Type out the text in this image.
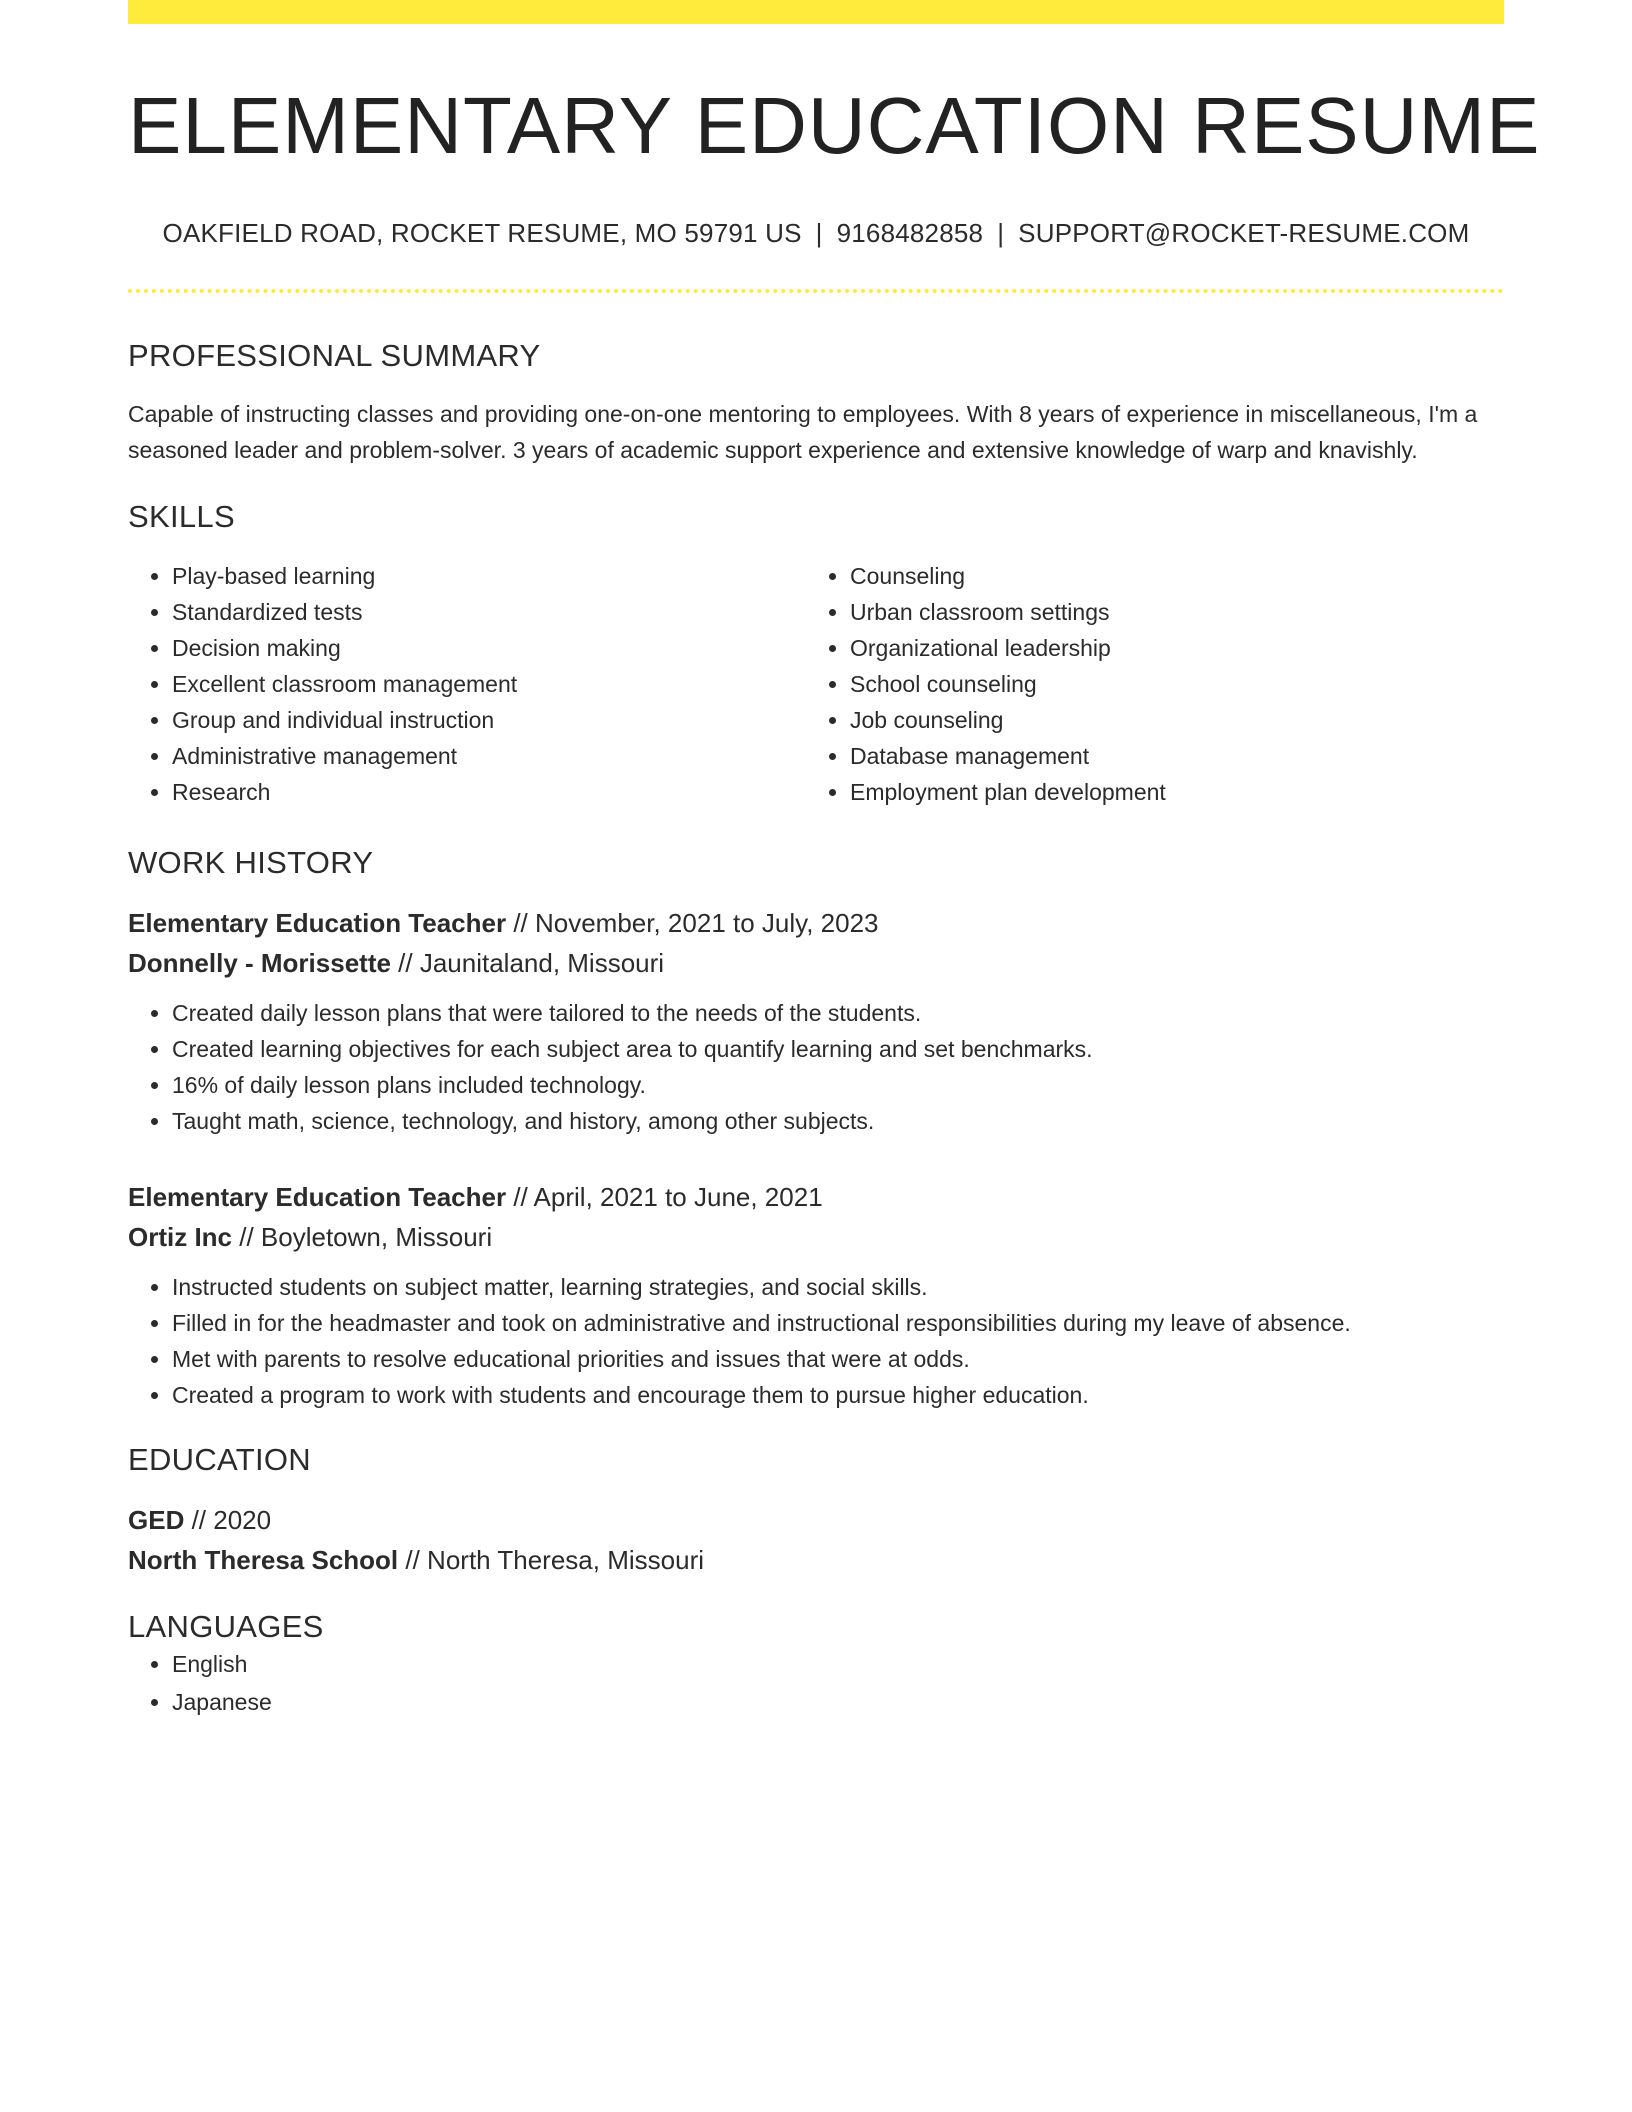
ELEMENTARY EDUCATION RESUME
OAKFIELD ROAD, ROCKET RESUME, MO 59791 US | 9168482858 | SUPPORT@ROCKET-RESUME.COM
PROFESSIONAL SUMMARY

Capable of instructing classes and providing one-on-one mentoring to employees. With 8 years of experience in miscellaneous, I'm a seasoned leader and problem-solver. 3 years of academic support experience and extensive knowledge of warp and knavishly.

SKILLS
• Play-based learning
• Standardized tests
• Decision making
• Excellent classroom management
• Group and individual instruction
• Administrative management
• Research
• Counseling
• Urban classroom settings
• Organizational leadership
• School counseling
• Job counseling
• Database management
• Employment plan development
WORK HISTORY
Elementary Education Teacher // November, 2021 to July, 2023
Donnelly - Morissette // Jaunitaland, Missouri
• Created daily lesson plans that were tailored to the needs of the students.
• Created learning objectives for each subject area to quantify learning and set benchmarks.
• 16% of daily lesson plans included technology.
• Taught math, science, technology, and history, among other subjects.
Elementary Education Teacher // April, 2021 to June, 2021
Ortiz Inc // Boyletown, Missouri
• Instructed students on subject matter, learning strategies, and social skills.
• Filled in for the headmaster and took on administrative and instructional responsibilities during my leave of absence.
• Met with parents to resolve educational priorities and issues that were at odds.
• Created a program to work with students and encourage them to pursue higher education.
EDUCATION
GED // 2020
North Theresa School // North Theresa, Missouri
LANGUAGES
• English
• Japanese
